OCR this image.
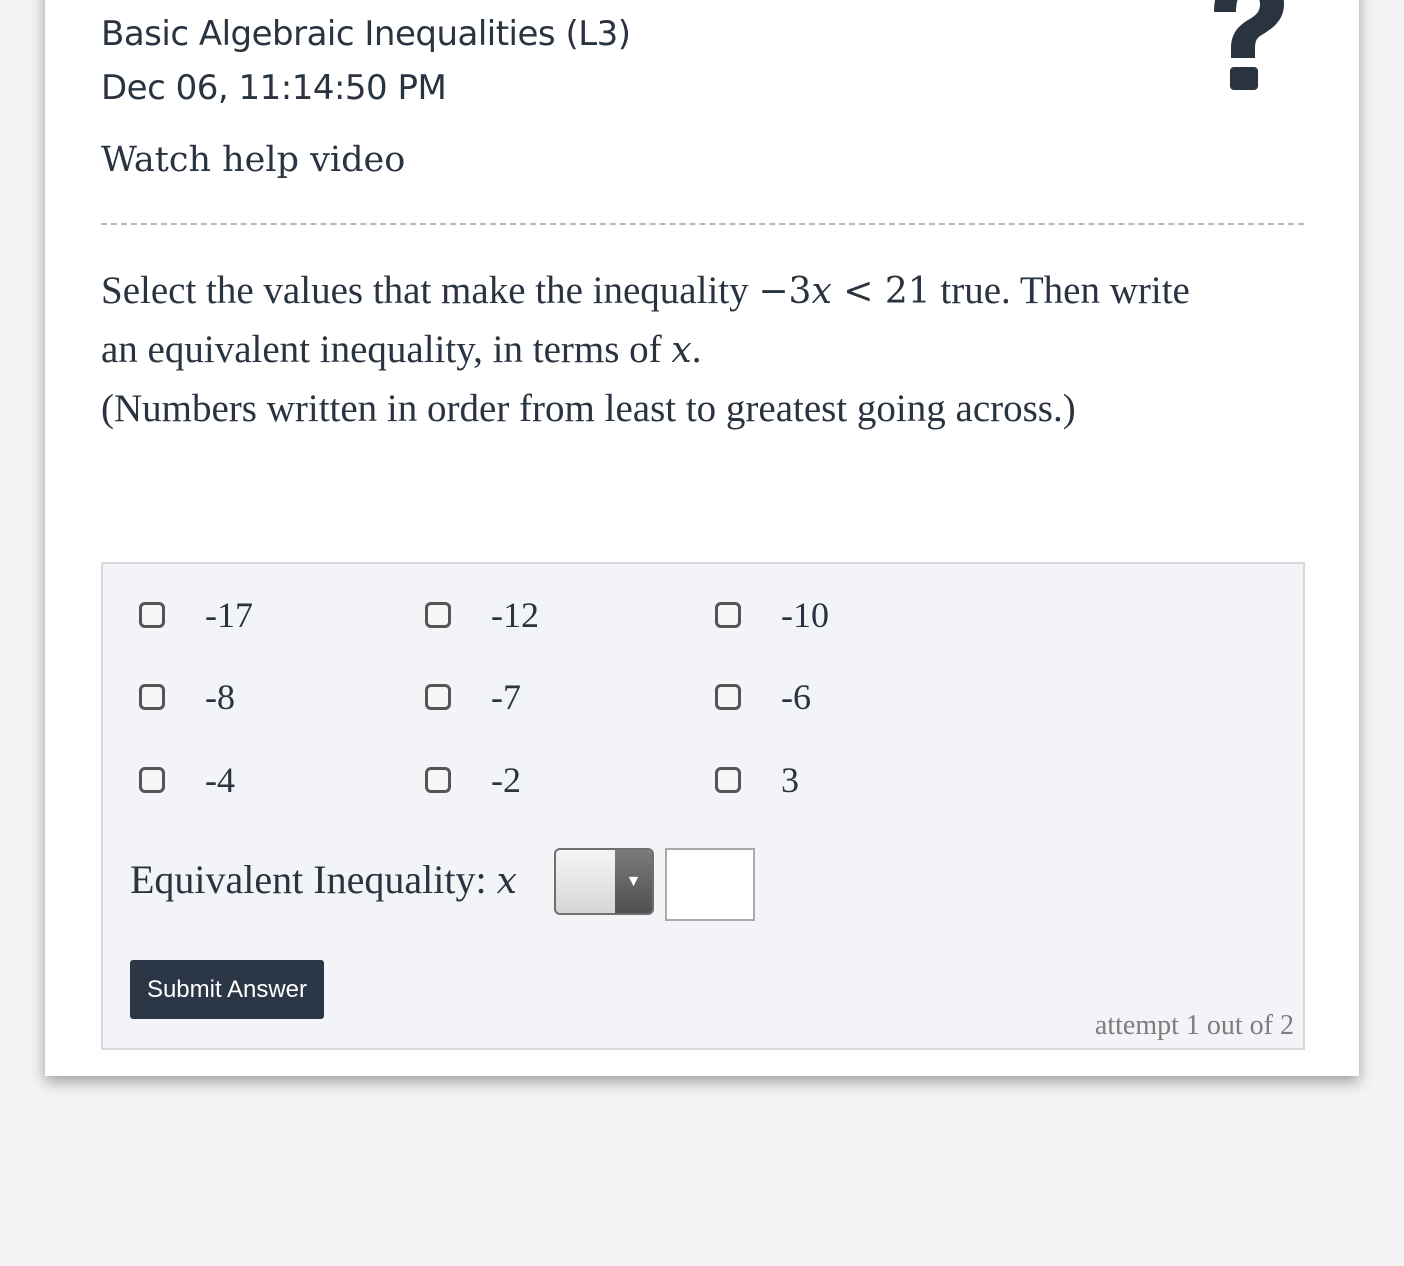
Basic Algebraic Inequalities (L3)
Dec 06, 11:14:50 PM
Watch help video
Select the values that make the inequality −3x < 21 true. Then write
an equivalent inequality, in terms of x.
(Numbers written in order from least to greatest going across.)
-17	-12	-10
-8	-7	-6
-4	-2	3
Equivalent Inequality: x	▼
Submit Answer
attempt 1 out of 2
